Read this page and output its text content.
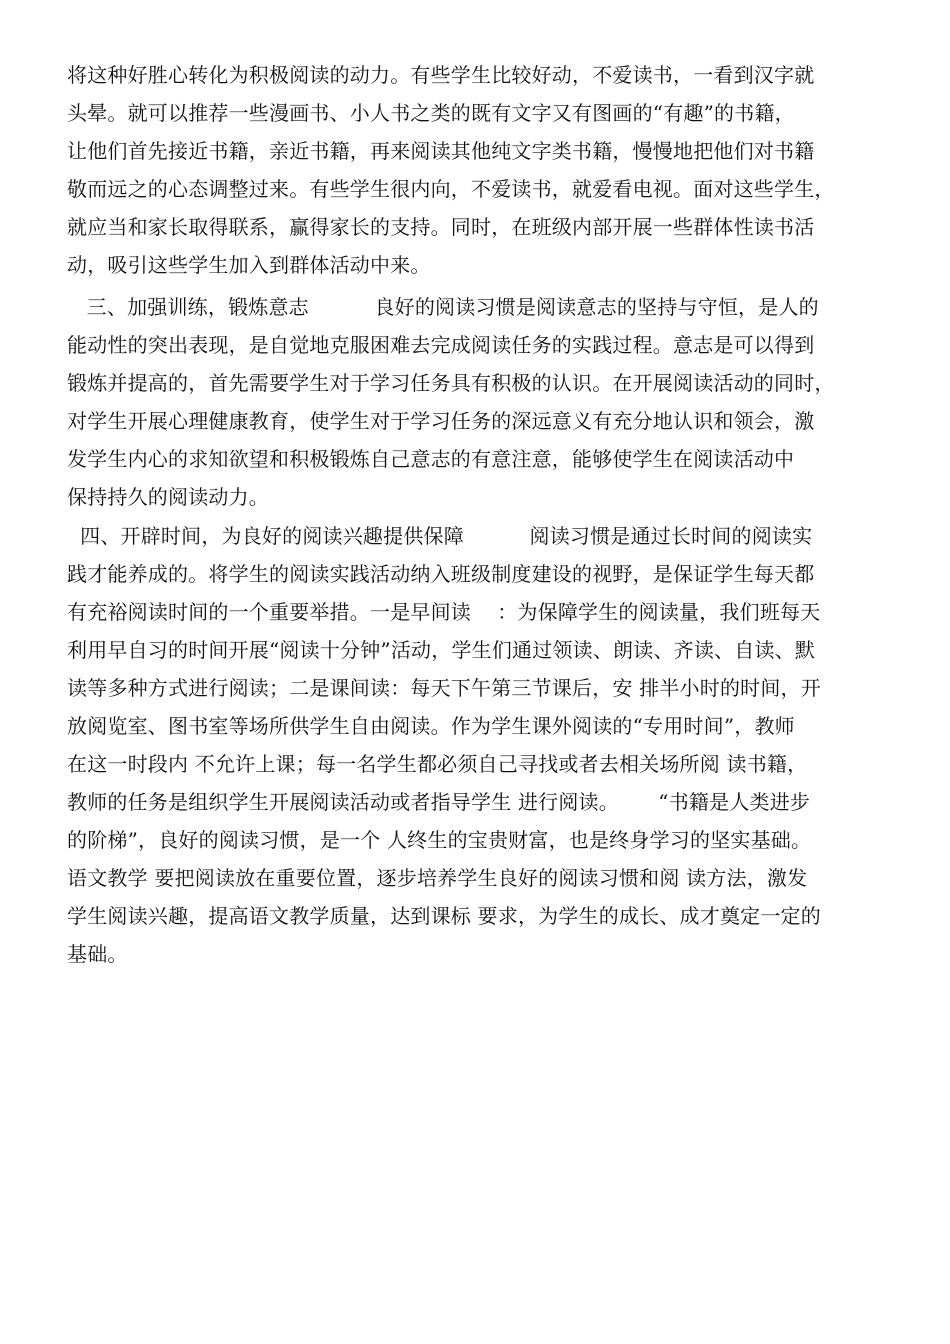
将这种好胜心转化为积极阅读的动力。有些学生比较好动，不爱读书，一看到汉字就
头晕。就可以推荐一些漫画书、小人书之类的既有文字又有图画的“有趣”的书籍，
让他们首先接近书籍，亲近书籍，再来阅读其他纯文字类书籍，慢慢地把他们对书籍
敬而远之的心态调整过来。有些学生很内向，不爱读书，就爱看电视。面对这些学生，
就应当和家长取得联系，赢得家长的支持。同时，在班级内部开展一些群体性读书活
动，吸引这些学生加入到群体活动中来。
三、加强训练，锻炼意志          良好的阅读习惯是阅读意志的坚持与守恒，是人的
能动性的突出表现，是自觉地克服困难去完成阅读任务的实践过程。意志是可以得到
锻炼并提高的，首先需要学生对于学习任务具有积极的认识。在开展阅读活动的同时，
对学生开展心理健康教育，使学生对于学习任务的深远意义有充分地认识和领会，激
发学生内心的求知欲望和积极锻炼自己意志的有意注意，能够使学生在阅读活动中
保持持久的阅读动力。
四、开辟时间，为良好的阅读兴趣提供保障          阅读习惯是通过长时间的阅读实
践才能养成的。将学生的阅读实践活动纳入班级制度建设的视野，是保证学生每天都
有充裕阅读时间的一个重要举措。一是早间读    ：为保障学生的阅读量，我们班每天
利用早自习的时间开展“阅读十分钟”活动，学生们通过领读、朗读、齐读、自读、默
读等多种方式进行阅读；二是课间读：每天下午第三节课后，安 排半小时的时间，开
放阅览室、图书室等场所供学生自由阅读。作为学生课外阅读的“专用时间”，教师
在这一时段内 不允许上课；每一名学生都必须自己寻找或者去相关场所阅 读书籍，
教师的任务是组织学生开展阅读活动或者指导学生 进行阅读。      “书籍是人类进步
的阶梯”，良好的阅读习惯，是一个 人终生的宝贵财富，也是终身学习的坚实基础。
语文教学 要把阅读放在重要位置，逐步培养学生良好的阅读习惯和阅 读方法，激发
学生阅读兴趣，提高语文教学质量，达到课标 要求，为学生的成长、成才奠定一定的
基础。
